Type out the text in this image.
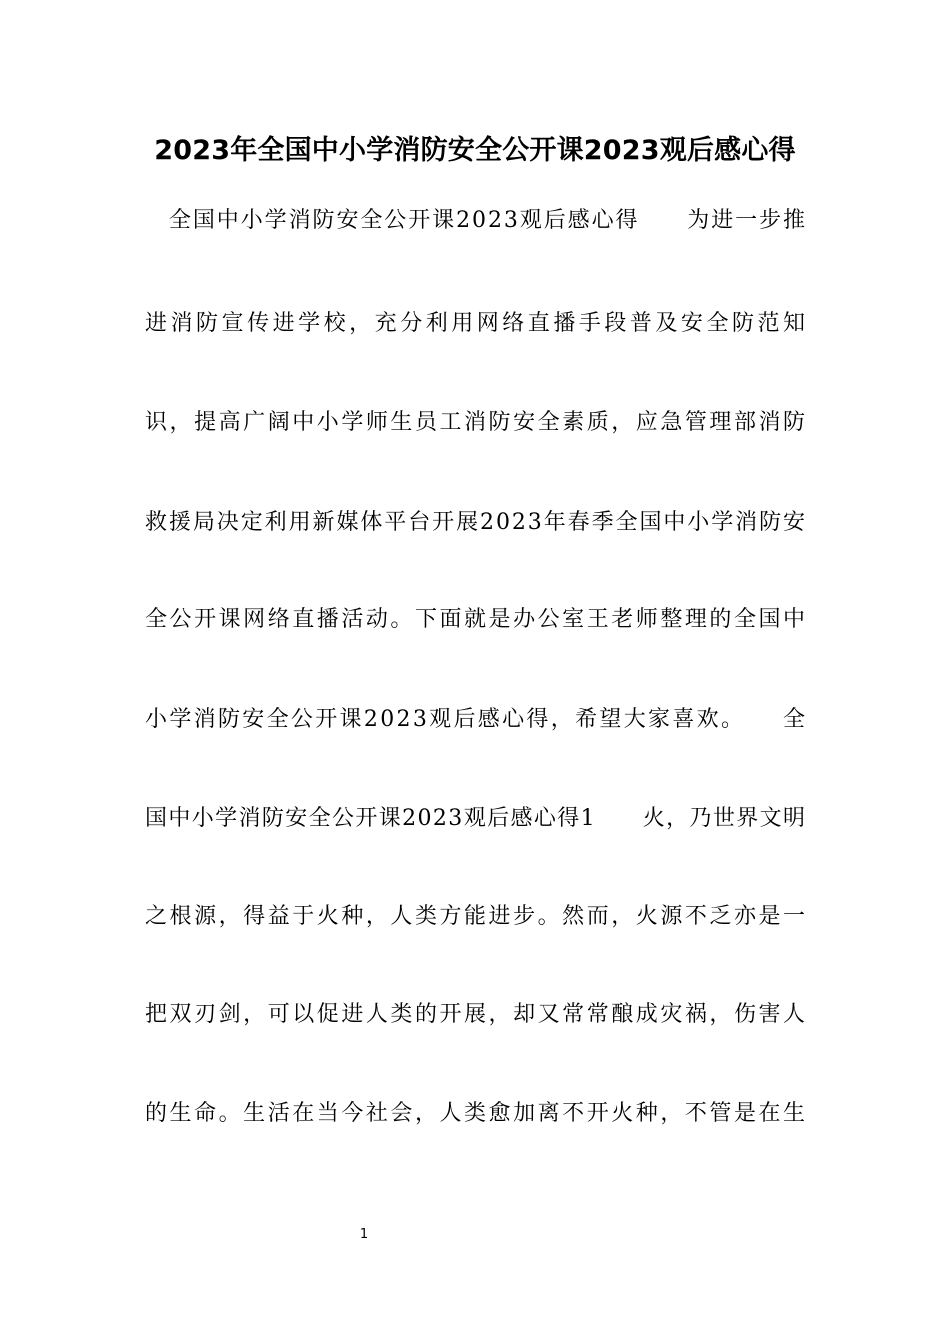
2023年全国中小学消防安全公开课2023观后感心得
　全国中小学消防安全公开课2023观后感心得　　为进一步推
进消防宣传进学校，充分利用网络直播手段普及安全防范知
识，提高广阔中小学师生员工消防安全素质，应急管理部消防
救援局决定利用新媒体平台开展2023年春季全国中小学消防安
全公开课网络直播活动。下面就是办公室王老师整理的全国中
小学消防安全公开课2023观后感心得，希望大家喜欢。　　全
国中小学消防安全公开课2023观后感心得1　　火，乃世界文明
之根源，得益于火种，人类方能进步。然而，火源不乏亦是一
把双刃剑，可以促进人类的开展，却又常常酿成灾祸，伤害人
的生命。生活在当今社会，人类愈加离不开火种，不管是在生
1
